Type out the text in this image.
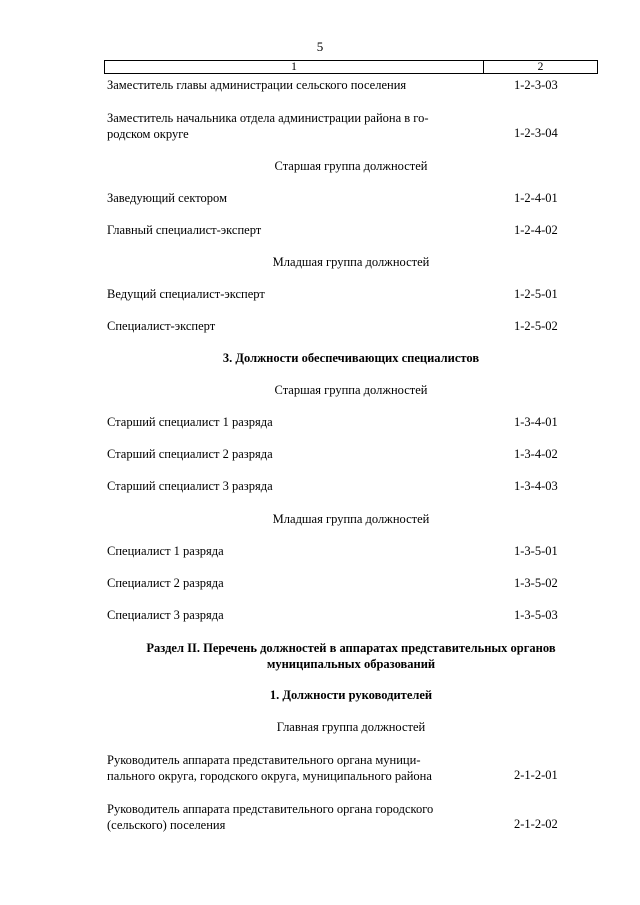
5
1	2
Заместитель главы администрации сельского поселения	1-2-3-03
Заместитель начальника отдела администрации района в го-
родском округе	1-2-3-04
Старшая группа должностей
Заведующий сектором	1-2-4-01
Главный специалист-эксперт	1-2-4-02
Младшая группа должностей
Ведущий специалист-эксперт	1-2-5-01
Специалист-эксперт	1-2-5-02
3. Должности обеспечивающих специалистов
Старшая группа должностей
Старший специалист 1 разряда	1-3-4-01
Старший специалист 2 разряда	1-3-4-02
Старший специалист 3 разряда	1-3-4-03
Младшая группа должностей
Специалист 1 разряда	1-3-5-01
Специалист 2 разряда	1-3-5-02
Специалист 3 разряда	1-3-5-03
Раздел II. Перечень должностей в аппаратах представительных органов
муниципальных образований
1. Должности руководителей
Главная группа должностей
Руководитель аппарата представительного органа муници-
пального округа, городского округа, муниципального района	2-1-2-01
Руководитель аппарата представительного органа городского
(сельского) поселения	2-1-2-02
